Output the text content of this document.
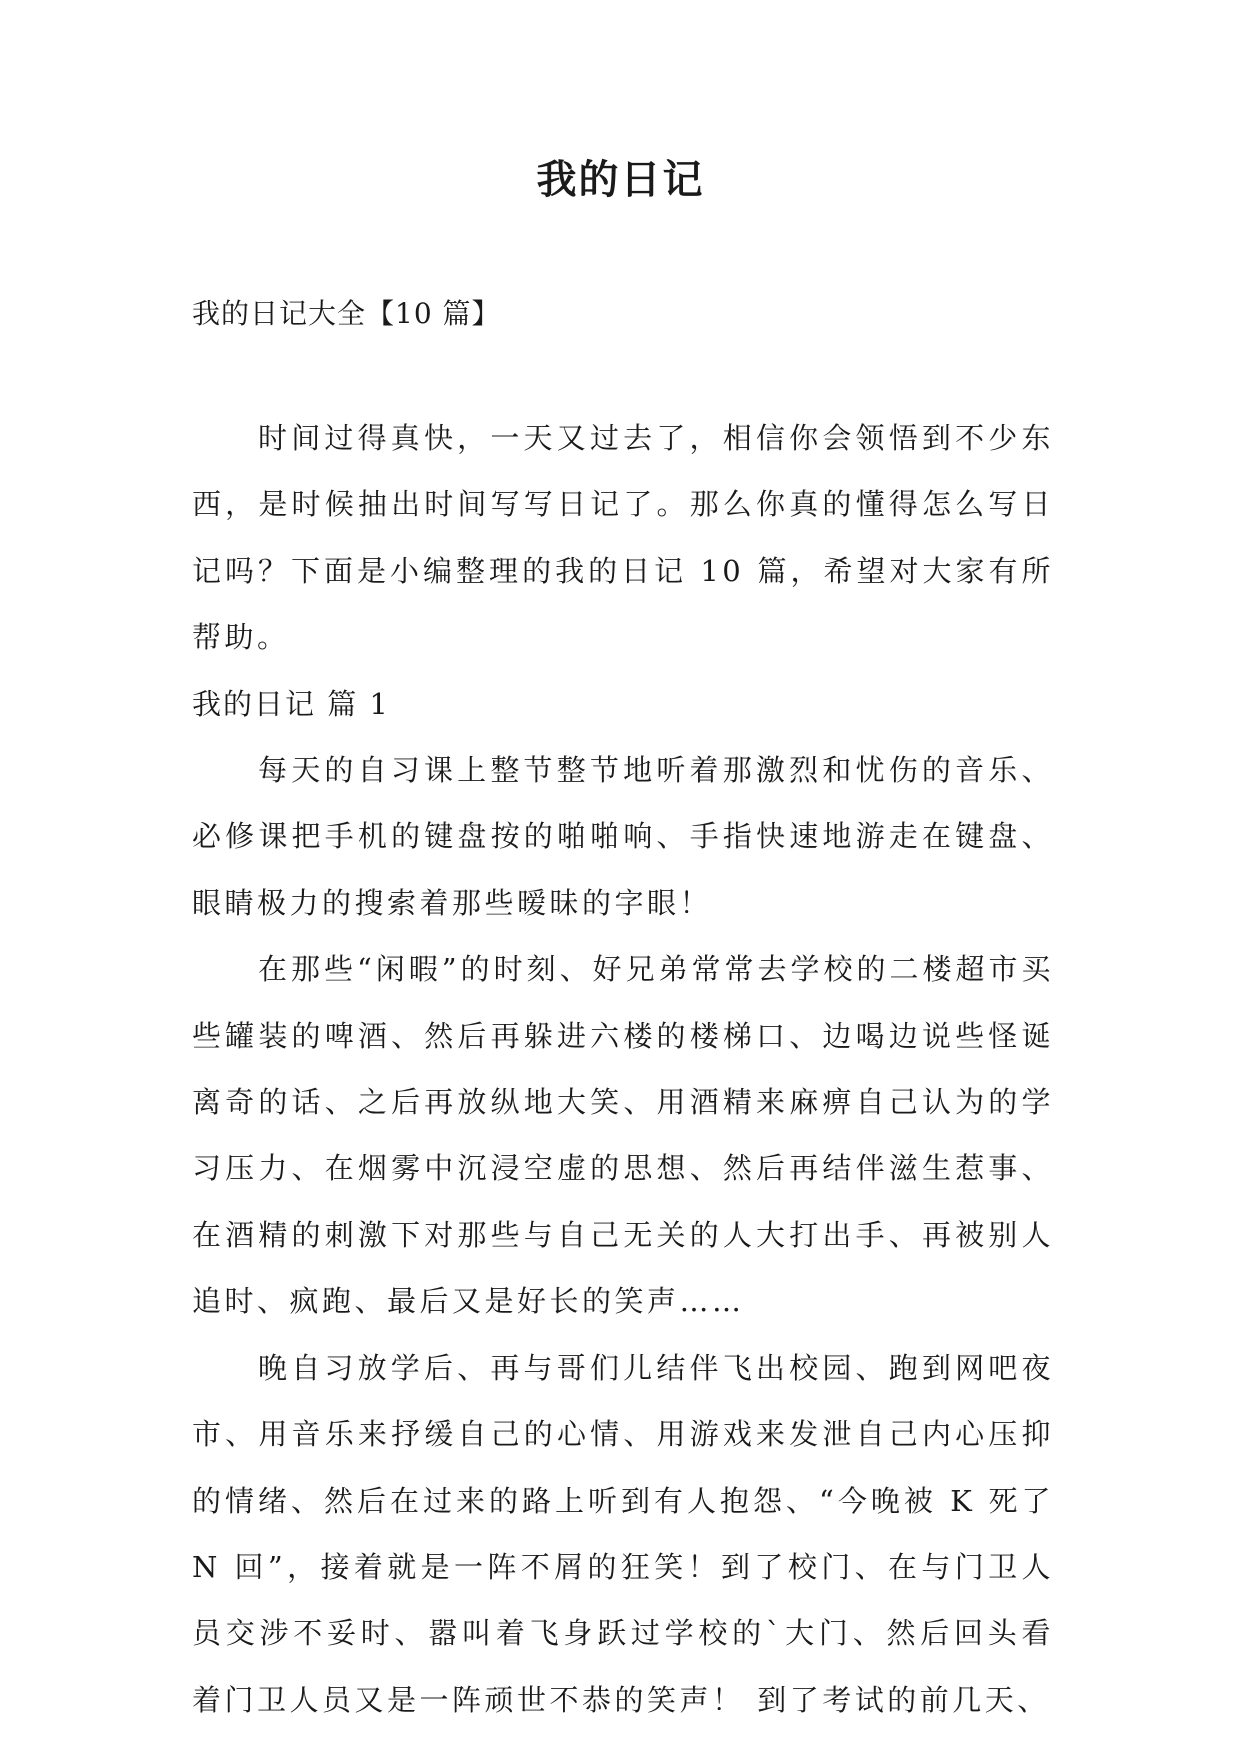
我的日记
我的日记大全【10 篇】

时间过得真快，一天又过去了，相信你会领悟到不少东西，是时候抽出时间写写日记了。那么你真的懂得怎么写日记吗？下面是小编整理的我的日记 10 篇，希望对大家有所帮助。

我的日记 篇 1

每天的自习课上整节整节地听着那激烈和忧伤的音乐、必修课把手机的键盘按的啪啪响、手指快速地游走在键盘、眼睛极力的搜索着那些暧昧的字眼！

在那些“闲暇”的时刻、好兄弟常常去学校的二楼超市买些罐装的啤酒、然后再躲进六楼的楼梯口、边喝边说些怪诞离奇的话、之后再放纵地大笑、用酒精来麻痹自己认为的学习压力、在烟雾中沉浸空虚的思想、然后再结伴滋生惹事、在酒精的刺激下对那些与自己无关的人大打出手、再被别人追时、疯跑、最后又是好长的笑声……

晚自习放学后、再与哥们儿结伴飞出校园、跑到网吧夜市、用音乐来抒缓自己的心情、用游戏来发泄自己内心压抑的情绪、然后在过来的路上听到有人抱怨、“今晚被 K 死了 N 回”，接着就是一阵不屑的狂笑！到了校门、在与门卫人员交涉不妥时、嚣叫着飞身跃过学校的`大门、然后回头看着门卫人员又是一阵顽世不恭的笑声！ 到了考试的前几天、
